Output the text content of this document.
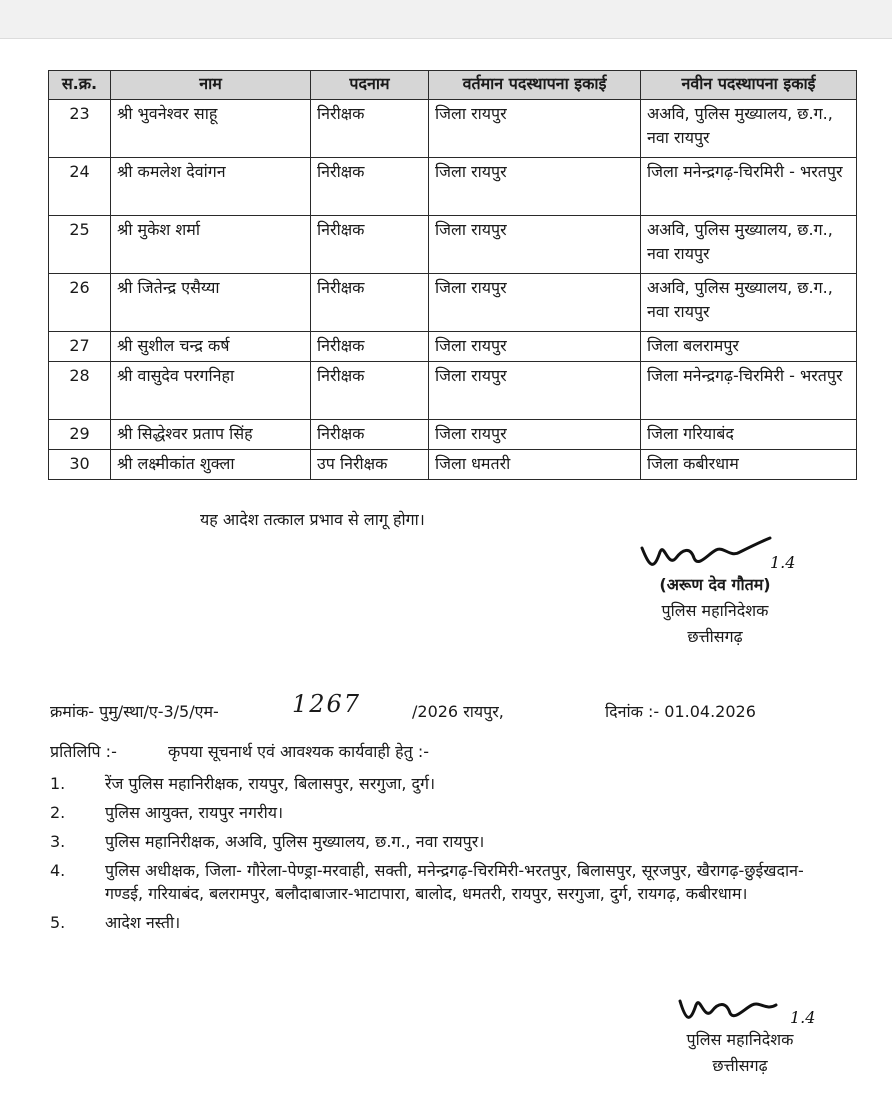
स.क्र.	नाम	पदनाम	वर्तमान पदस्थापना इकाई	नवीन पदस्थापना इकाई
23	श्री भुवनेश्वर साहू	निरीक्षक	जिला रायपुर	अअवि, पुलिस मुख्यालय, छ.ग., नवा रायपुर
24	श्री कमलेश देवांगन	निरीक्षक	जिला रायपुर	जिला मनेन्द्रगढ़-चिरमिरी - भरतपुर
25	श्री मुकेश शर्मा	निरीक्षक	जिला रायपुर	अअवि, पुलिस मुख्यालय, छ.ग., नवा रायपुर
26	श्री जितेन्द्र एसैय्या	निरीक्षक	जिला रायपुर	अअवि, पुलिस मुख्यालय, छ.ग., नवा रायपुर
27	श्री सुशील चन्द्र कर्ष	निरीक्षक	जिला रायपुर	जिला बलरामपुर
28	श्री वासुदेव परगनिहा	निरीक्षक	जिला रायपुर	जिला मनेन्द्रगढ़-चिरमिरी - भरतपुर
29	श्री सिद्धेश्वर प्रताप सिंह	निरीक्षक	जिला रायपुर	जिला गरियाबंद
30	श्री लक्ष्मीकांत शुक्ला	उप निरीक्षक	जिला धमतरी	जिला कबीरधाम
यह आदेश तत्काल प्रभाव से लागू होगा।
1.4
(अरूण देव गौतम)
पुलिस महानिदेशक
छत्तीसगढ़
क्रमांक- पुमु/स्था/ए-3/5/एम-	1267	/2026 रायपुर,	दिनांक :- 01.04.2026
प्रतिलिपि :-	कृपया सूचनार्थ एवं आवश्यक कार्यवाही हेतु :-
1.	रेंज पुलिस महानिरीक्षक, रायपुर, बिलासपुर, सरगुजा, दुर्ग।
2.	पुलिस आयुक्त, रायपुर नगरीय।
3.	पुलिस महानिरीक्षक, अअवि, पुलिस मुख्यालय, छ.ग., नवा रायपुर।
4.	पुलिस अधीक्षक, जिला- गौरेला-पेण्ड्रा-मरवाही, सक्ती, मनेन्द्रगढ़-चिरमिरी-भरतपुर, बिलासपुर, सूरजपुर, खैरागढ़-छुईखदान-गण्डई, गरियाबंद, बलरामपुर, बलौदाबाजार-भाटापारा, बालोद, धमतरी, रायपुर, सरगुजा, दुर्ग, रायगढ़, कबीरधाम।
5.	आदेश नस्ती।
1.4
पुलिस महानिदेशक
छत्तीसगढ़
